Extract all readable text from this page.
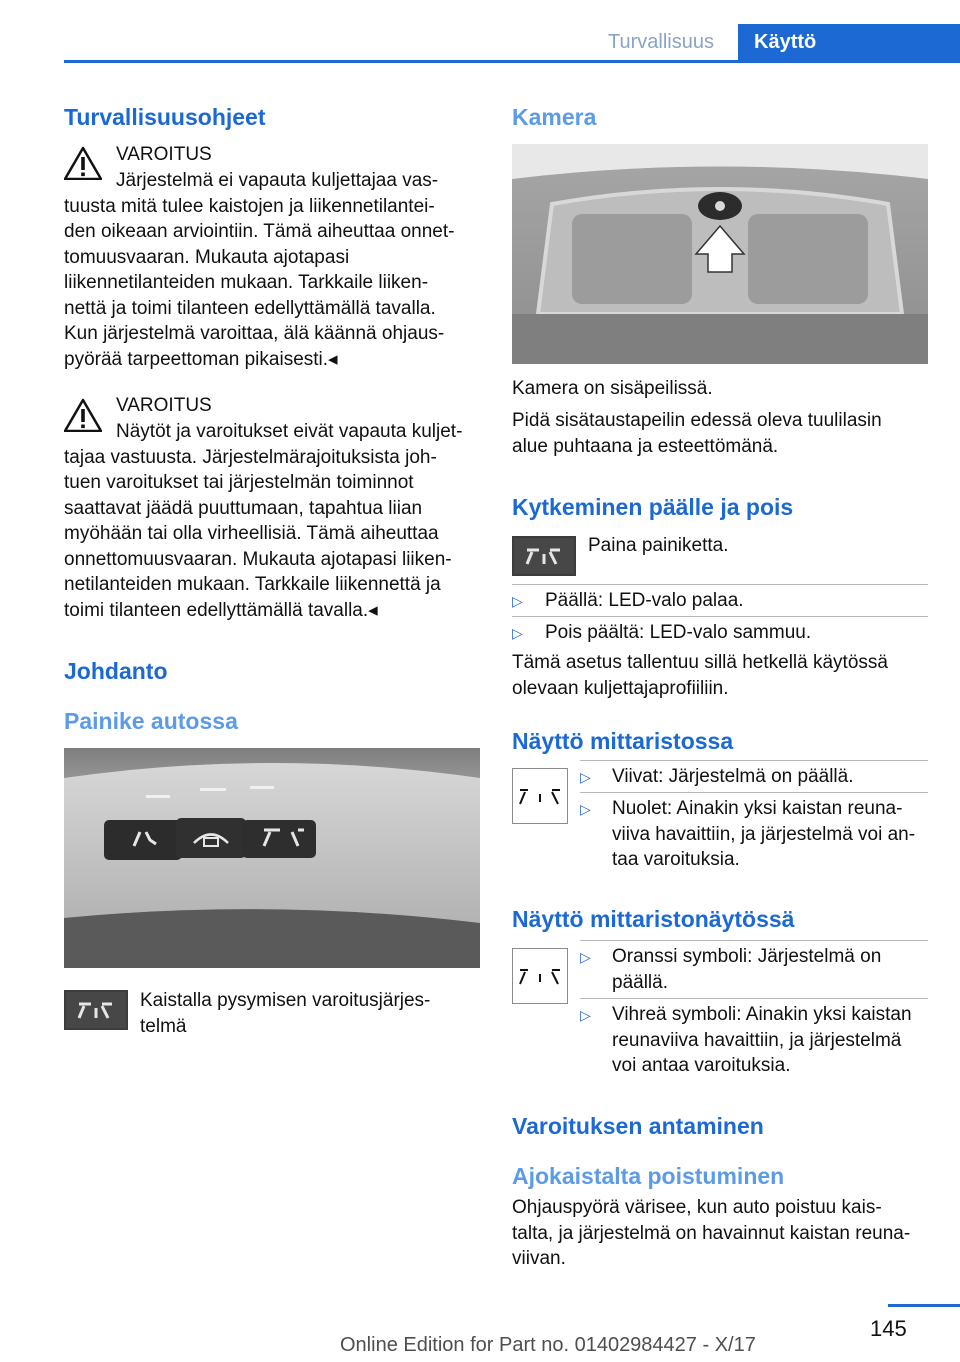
Turvallisuus	Käyttö
Turvallisuusohjeet
VAROITUS
Järjestelmä ei vapauta kuljettajaa vas-
tuusta mitä tulee kaistojen ja liikennetilantei-
den oikeaan arviointiin. Tämä aiheuttaa onnet-
tomuusvaaran. Mukauta ajotapasi
liikennetilanteiden mukaan. Tarkkaile liiken-
nettä ja toimi tilanteen edellyttämällä tavalla.
Kun järjestelmä varoittaa, älä käännä ohjaus-
pyörää tarpeettoman pikaisesti.◂
VAROITUS
Näytöt ja varoitukset eivät vapauta kuljet-
tajaa vastuusta. Järjestelmärajoituksista joh-
tuen varoitukset tai järjestelmän toiminnot
saattavat jäädä puuttumaan, tapahtua liian
myöhään tai olla virheellisiä. Tämä aiheuttaa
onnettomuusvaaran. Mukauta ajotapasi liiken-
netilanteiden mukaan. Tarkkaile liikennettä ja
toimi tilanteen edellyttämällä tavalla.◂
Johdanto
Painike autossa
Kaistalla pysymisen varoitusjärjes-
telmä
Kamera
Kamera on sisäpeilissä.
Pidä sisätaustapeilin edessä oleva tuulilasin
alue puhtaana ja esteettömänä.
Kytkeminen päälle ja pois
Paina painiketta.
▷ Päällä: LED-valo palaa.
▷ Pois päältä: LED-valo sammuu.
Tämä asetus tallentuu sillä hetkellä käytössä
olevaan kuljettajaprofiiliin.
Näyttö mittaristossa
▷ Viivat: Järjestelmä on päällä.
▷ Nuolet: Ainakin yksi kaistan reuna-
viiva havaittiin, ja järjestelmä voi an-
taa varoituksia.
Näyttö mittaristonäytössä
▷ Oranssi symboli: Järjestelmä on
päällä.
▷ Vihreä symboli: Ainakin yksi kaistan
reunaviiva havaittiin, ja järjestelmä
voi antaa varoituksia.
Varoituksen antaminen
Ajokaistalta poistuminen
Ohjauspyörä värisee, kun auto poistuu kais-
talta, ja järjestelmä on havainnut kaistan reuna-
viivan.
145
Online Edition for Part no. 01402984427 - X/17
